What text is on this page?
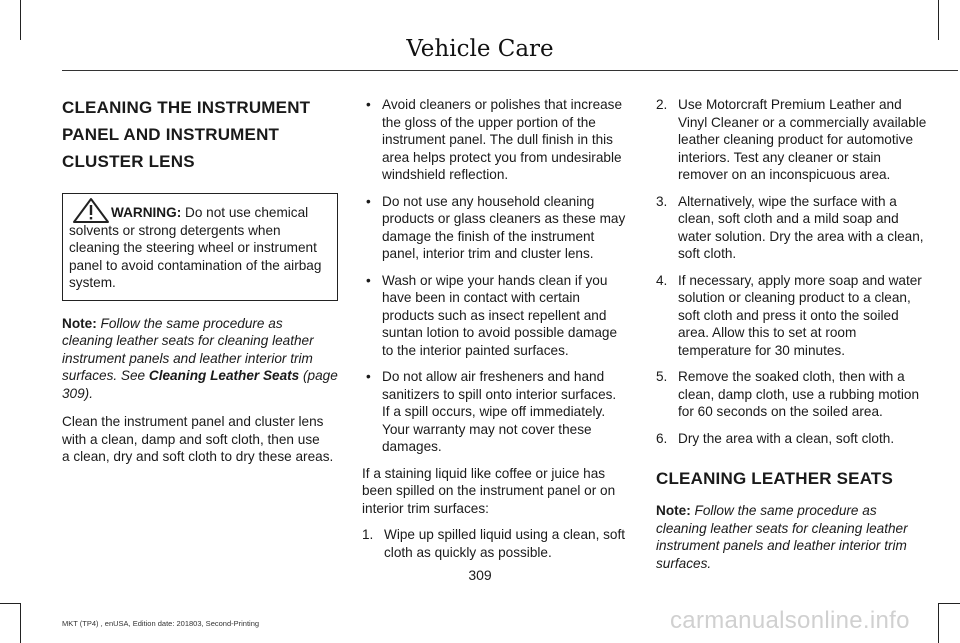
Vehicle Care
CLEANING THE INSTRUMENT
PANEL AND INSTRUMENT
CLUSTER LENS
WARNING: Do not use chemical
solvents or strong detergents when
cleaning the steering wheel or instrument
panel to avoid contamination of the airbag
system.

Note: Follow the same procedure as
cleaning leather seats for cleaning leather
instrument panels and leather interior trim
surfaces. See Cleaning Leather Seats (page
309).

Clean the instrument panel and cluster lens
with a clean, damp and soft cloth, then use
a clean, dry and soft cloth to dry these areas.

• Avoid cleaners or polishes that increase
the gloss of the upper portion of the
instrument panel. The dull finish in this
area helps protect you from undesirable
windshield reflection.
• Do not use any household cleaning
products or glass cleaners as these may
damage the finish of the instrument
panel, interior trim and cluster lens.
• Wash or wipe your hands clean if you
have been in contact with certain
products such as insect repellent and
suntan lotion to avoid possible damage
to the interior painted surfaces.
• Do not allow air fresheners and hand
sanitizers to spill onto interior surfaces.
If a spill occurs, wipe off immediately.
Your warranty may not cover these
damages.

If a staining liquid like coffee or juice has
been spilled on the instrument panel or on
interior trim surfaces:

1. Wipe up spilled liquid using a clean, soft
cloth as quickly as possible.
2. Use Motorcraft Premium Leather and
Vinyl Cleaner or a commercially available
leather cleaning product for automotive
interiors. Test any cleaner or stain
remover on an inconspicuous area.
3. Alternatively, wipe the surface with a
clean, soft cloth and a mild soap and
water solution. Dry the area with a clean,
soft cloth.
4. If necessary, apply more soap and water
solution or cleaning product to a clean,
soft cloth and press it onto the soiled
area. Allow this to set at room
temperature for 30 minutes.
5. Remove the soaked cloth, then with a
clean, damp cloth, use a rubbing motion
for 60 seconds on the soiled area.
6. Dry the area with a clean, soft cloth.
CLEANING LEATHER SEATS

Note: Follow the same procedure as
cleaning leather seats for cleaning leather
instrument panels and leather interior trim
surfaces.

309
MKT (TP4) , enUSA, Edition date: 201803, Second-Printing	carmanualsonline.info
